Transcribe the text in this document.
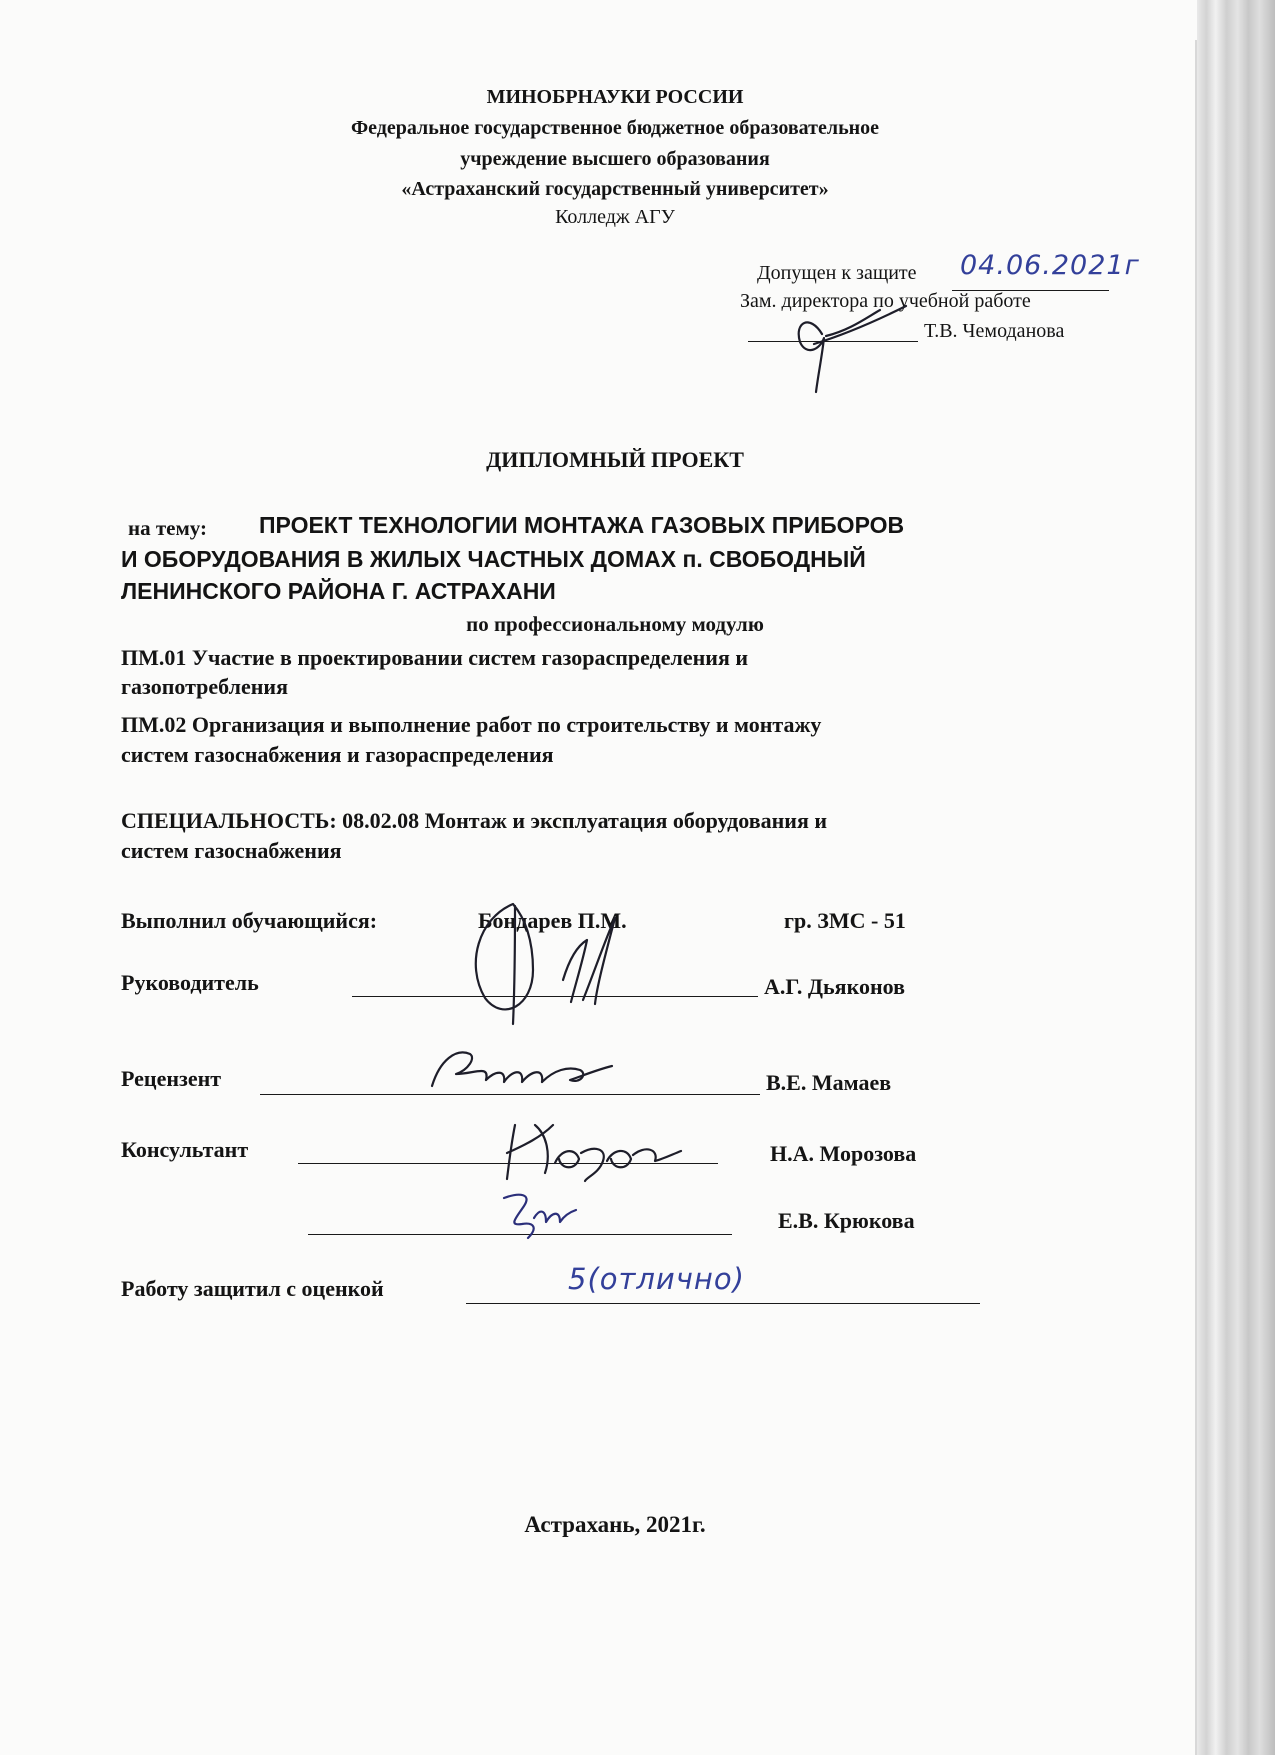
МИНОБРНАУКИ РОССИИ
Федеральное государственное бюджетное образовательное
учреждение высшего образования
«Астраханский государственный университет»
Колледж АГУ
Допущен к защите 04.06.2021г
Зам. директора по учебной работе
Т.В. Чемоданова
ДИПЛОМНЫЙ ПРОЕКТ
на тему: ПРОЕКТ ТЕХНОЛОГИИ МОНТАЖА ГАЗОВЫХ ПРИБОРОВ
И ОБОРУДОВАНИЯ В ЖИЛЫХ ЧАСТНЫХ ДОМАХ п. СВОБОДНЫЙ
ЛЕНИНСКОГО РАЙОНА Г. АСТРАХАНИ
по профессиональному модулю
ПМ.01 Участие в проектировании систем газораспределения и
газопотребления
ПМ.02 Организация и выполнение работ по строительству и монтажу
систем газоснабжения и газораспределения
СПЕЦИАЛЬНОСТЬ: 08.02.08 Монтаж и эксплуатация оборудования и
систем газоснабжения
Выполнил обучающийся:	Бондарев П.М.	гр. ЗМС - 51
Руководитель	А.Г. Дьяконов
Рецензент	В.Е. Мамаев
Консультант	Н.А. Морозова
Е.В. Крюкова
Работу защитил с оценкой	5(отлично)
Астрахань, 2021г.
